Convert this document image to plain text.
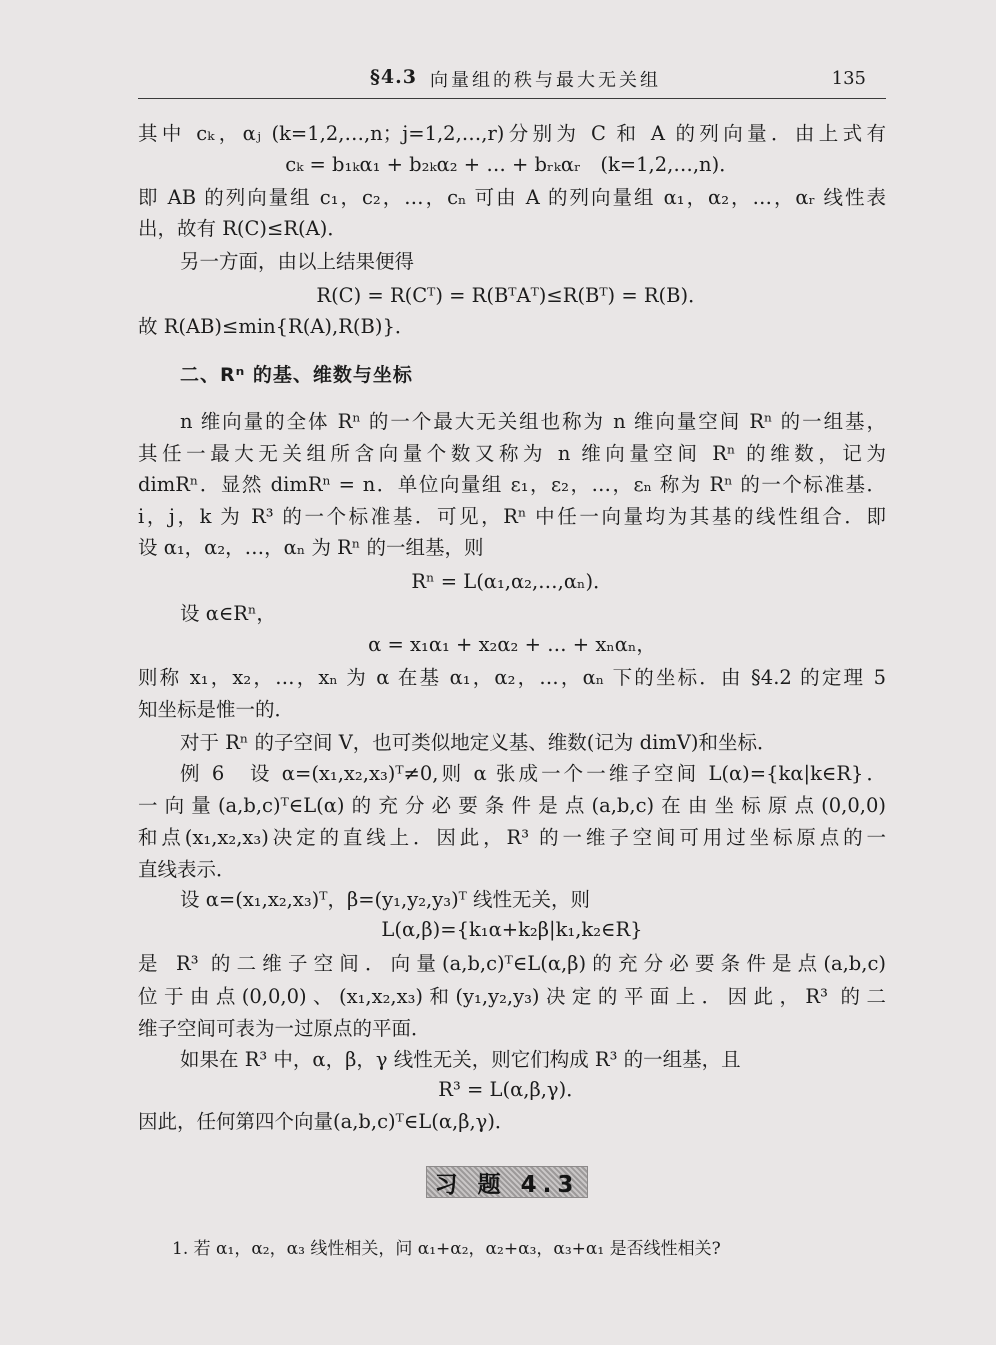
§4.3 向量组的秩与最大无关组	135
其中 cₖ，αⱼ (k=1,2,…,n；j=1,2,…,r)分别为 C 和 A 的列向量．由上式有
cₖ = b₁ₖα₁ + b₂ₖα₂ + … + bᵣₖαᵣ　(k=1,2,…,n)．
即 AB 的列向量组 c₁，c₂，…，cₙ 可由 A 的列向量组 α₁，α₂，…，αᵣ 线性表
出，故有 R(C)≤R(A)．
另一方面，由以上结果便得
R(C) = R(Cᵀ) = R(BᵀAᵀ)≤R(Bᵀ) = R(B)．
故 R(AB)≤min{R(A),R(B)}．
二、Rⁿ 的基、维数与坐标
n 维向量的全体 Rⁿ 的一个最大无关组也称为 n 维向量空间 Rⁿ 的一组基，
其任一最大无关组所含向量个数又称为 n 维向量空间 Rⁿ 的维数，记为
dimRⁿ．显然 dimRⁿ = n．单位向量组 ε₁，ε₂，…，εₙ 称为 Rⁿ 的一个标准基．
i，j，k 为 R³ 的一个标准基．可见，Rⁿ 中任一向量均为其基的线性组合．即
设 α₁，α₂，…，αₙ 为 Rⁿ 的一组基，则
Rⁿ = L(α₁,α₂,…,αₙ)．
设 α∈Rⁿ，
α = x₁α₁ + x₂α₂ + … + xₙαₙ，
则称 x₁，x₂，…，xₙ 为 α 在基 α₁，α₂，…，αₙ 下的坐标．由 §4.2 的定理 5
知坐标是惟一的．
对于 Rⁿ 的子空间 V，也可类似地定义基、维数(记为 dimV)和坐标．
例 6　设 α=(x₁,x₂,x₃)ᵀ≠0,则 α 张成一个一维子空间 L(α)={kα|k∈R}．
一向量(a,b,c)ᵀ∈L(α)的充分必要条件是点(a,b,c)在由坐标原点(0,0,0)
和点(x₁,x₂,x₃)决定的直线上．因此，R³ 的一维子空间可用过坐标原点的一
直线表示．
设 α=(x₁,x₂,x₃)ᵀ，β=(y₁,y₂,y₃)ᵀ 线性无关，则
L(α,β)={k₁α+k₂β|k₁,k₂∈R}
是 R³ 的二维子空间．向量(a,b,c)ᵀ∈L(α,β)的充分必要条件是点(a,b,c)
位于由点(0,0,0)、(x₁,x₂,x₃)和(y₁,y₂,y₃)决定的平面上．因此，R³ 的二
维子空间可表为一过原点的平面．
如果在 R³ 中，α，β，γ 线性无关，则它们构成 R³ 的一组基，且
R³ = L(α,β,γ)．
因此，任何第四个向量(a,b,c)ᵀ∈L(α,β,γ)．
习 题 4.3
1. 若 α₁，α₂，α₃ 线性相关，问 α₁+α₂，α₂+α₃，α₃+α₁ 是否线性相关?
